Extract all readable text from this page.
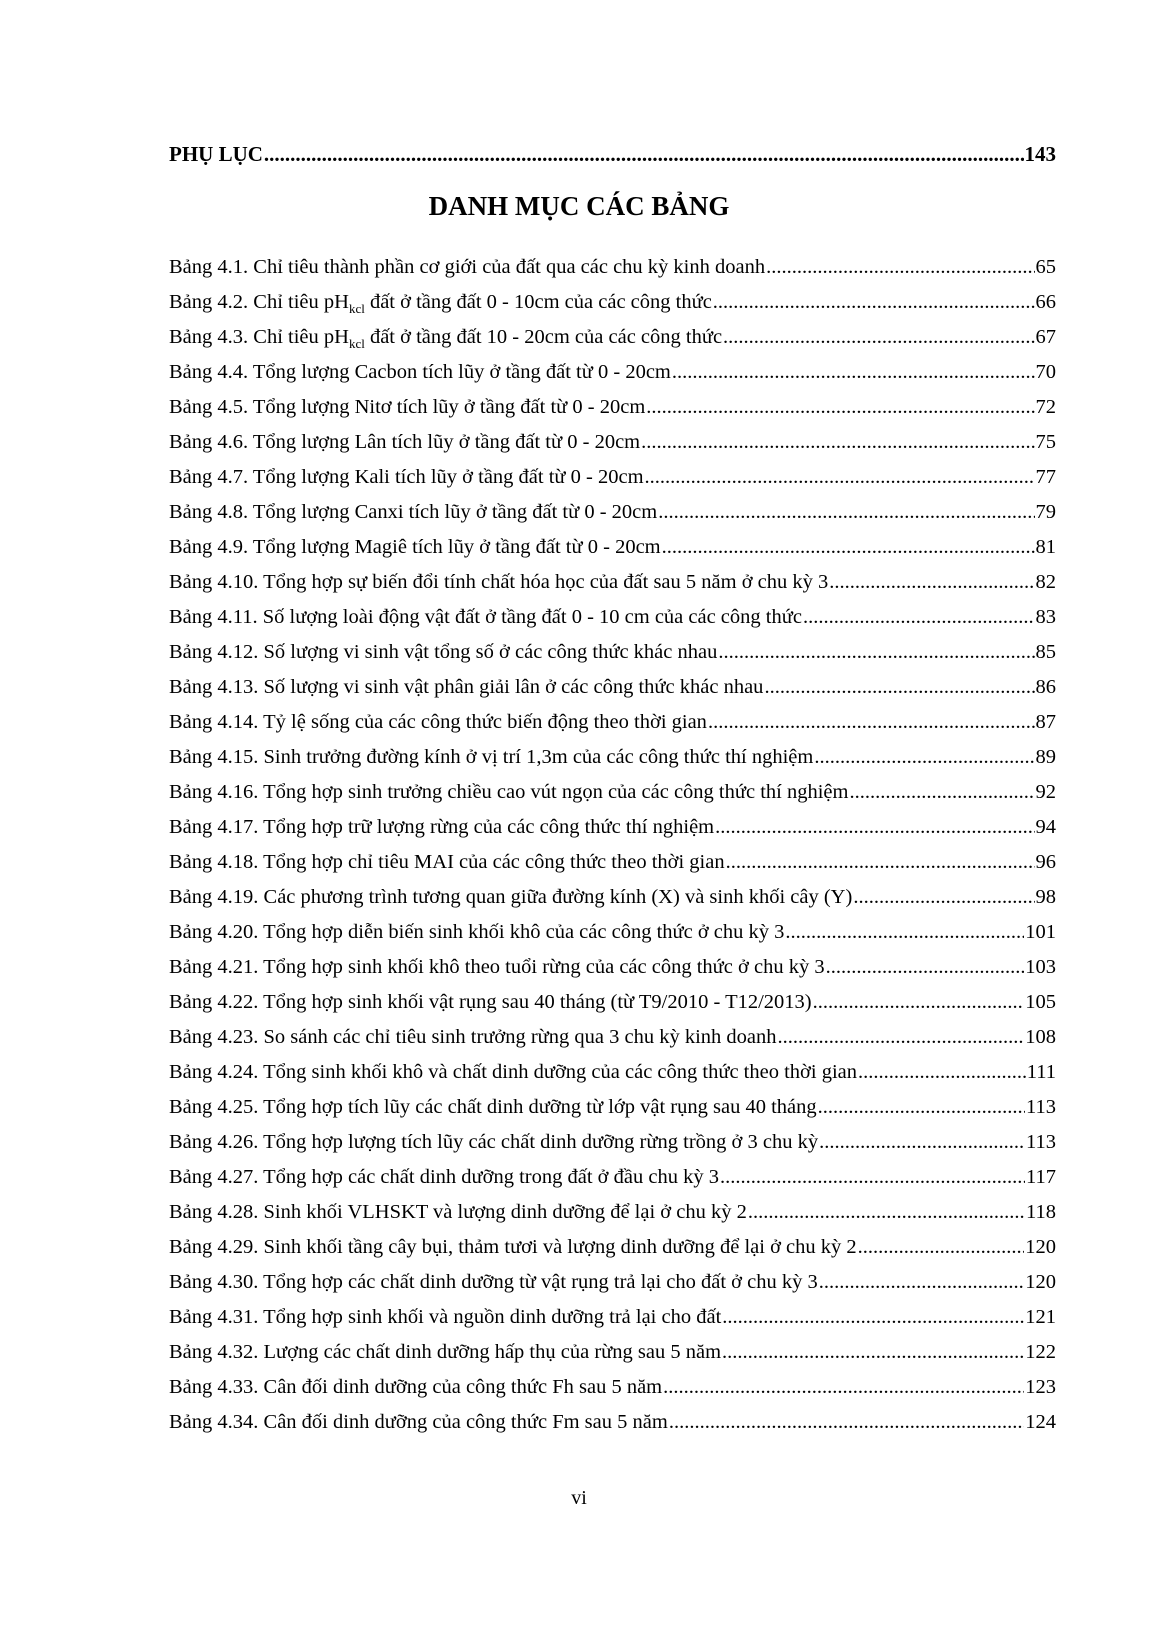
PHỤ LỤC .....	143
DANH MỤC CÁC BẢNG
Bảng 4.1. Chỉ tiêu thành phần cơ giới của đất qua các chu kỳ kinh doanh .....	65
Bảng 4.2. Chỉ tiêu $pH_{kcl}$ đất ở tầng đất 0 - 10cm của các công thức .....	66
Bảng 4.3. Chỉ tiêu $pH_{kcl}$ đất ở tầng đất 10 - 20cm của các công thức .....	67
Bảng 4.4. Tổng lượng Cacbon tích lũy ở tầng đất từ 0 - 20cm .....	70
Bảng 4.5. Tổng lượng Nitơ tích lũy ở tầng đất từ 0 - 20cm .....	72
Bảng 4.6. Tổng lượng Lân tích lũy ở tầng đất từ 0 - 20cm .....	75
Bảng 4.7. Tổng lượng Kali tích lũy ở tầng đất từ 0 - 20cm .....	77
Bảng 4.8. Tổng lượng Canxi tích lũy ở tầng đất từ 0 - 20cm .....	79
Bảng 4.9. Tổng lượng Magiê tích lũy ở tầng đất từ 0 - 20cm .....	81
Bảng 4.10. Tổng hợp sự biến đổi tính chất hóa học của đất sau 5 năm ở chu kỳ 3 .....	82
Bảng 4.11. Số lượng loài động vật đất ở tầng đất 0 - 10 cm của các công thức .....	83
Bảng 4.12. Số lượng vi sinh vật tổng số ở các công thức khác nhau .....	85
Bảng 4.13. Số lượng vi sinh vật phân giải lân ở các công thức khác nhau .....	86
Bảng 4.14. Tỷ lệ sống của các công thức biến động theo thời gian .....	87
Bảng 4.15. Sinh trưởng đường kính ở vị trí 1,3m của các công thức thí nghiệm .....	89
Bảng 4.16. Tổng hợp sinh trưởng chiều cao vút ngọn của các công thức thí nghiệm .....	92
Bảng 4.17. Tổng hợp trữ lượng rừng của các công thức thí nghiệm .....	94
Bảng 4.18. Tổng hợp chỉ tiêu MAI của các công thức theo thời gian .....	96
Bảng 4.19. Các phương trình tương quan giữa đường kính (X) và sinh khối cây (Y) .....	98
Bảng 4.20. Tổng hợp diễn biến sinh khối khô của các công thức ở chu kỳ 3 .....	101
Bảng 4.21. Tổng hợp sinh khối khô theo tuổi rừng của các công thức ở chu kỳ 3 .....	103
Bảng 4.22. Tổng hợp sinh khối vật rụng sau 40 tháng (từ T9/2010 - T12/2013) .....	105
Bảng 4.23. So sánh các chỉ tiêu sinh trưởng rừng qua 3 chu kỳ kinh doanh .....	108
Bảng 4.24. Tổng sinh khối khô và chất dinh dưỡng của các công thức theo thời gian .....	111
Bảng 4.25. Tổng hợp tích lũy các chất dinh dưỡng từ lớp vật rụng sau 40 tháng .....	113
Bảng 4.26. Tổng hợp lượng tích lũy các chất dinh dưỡng rừng trồng ở 3 chu kỳ .....	113
Bảng 4.27. Tổng hợp các chất dinh dưỡng trong đất ở đầu chu kỳ 3 .....	117
Bảng 4.28. Sinh khối VLHSKT và lượng dinh dưỡng để lại ở chu kỳ 2 .....	118
Bảng 4.29. Sinh khối tầng cây bụi, thảm tươi và lượng dinh dưỡng để lại ở chu kỳ 2 .....	120
Bảng 4.30. Tổng hợp các chất dinh dưỡng từ vật rụng trả lại cho đất ở chu kỳ 3 .....	120
Bảng 4.31. Tổng hợp sinh khối và nguồn dinh dưỡng trả lại cho đất .....	121
Bảng 4.32. Lượng các chất dinh dưỡng hấp thụ của rừng sau 5 năm .....	122
Bảng 4.33. Cân đối dinh dưỡng của công thức Fh sau 5 năm .....	123
Bảng 4.34. Cân đối dinh dưỡng của công thức Fm sau 5 năm .....	124
vi
